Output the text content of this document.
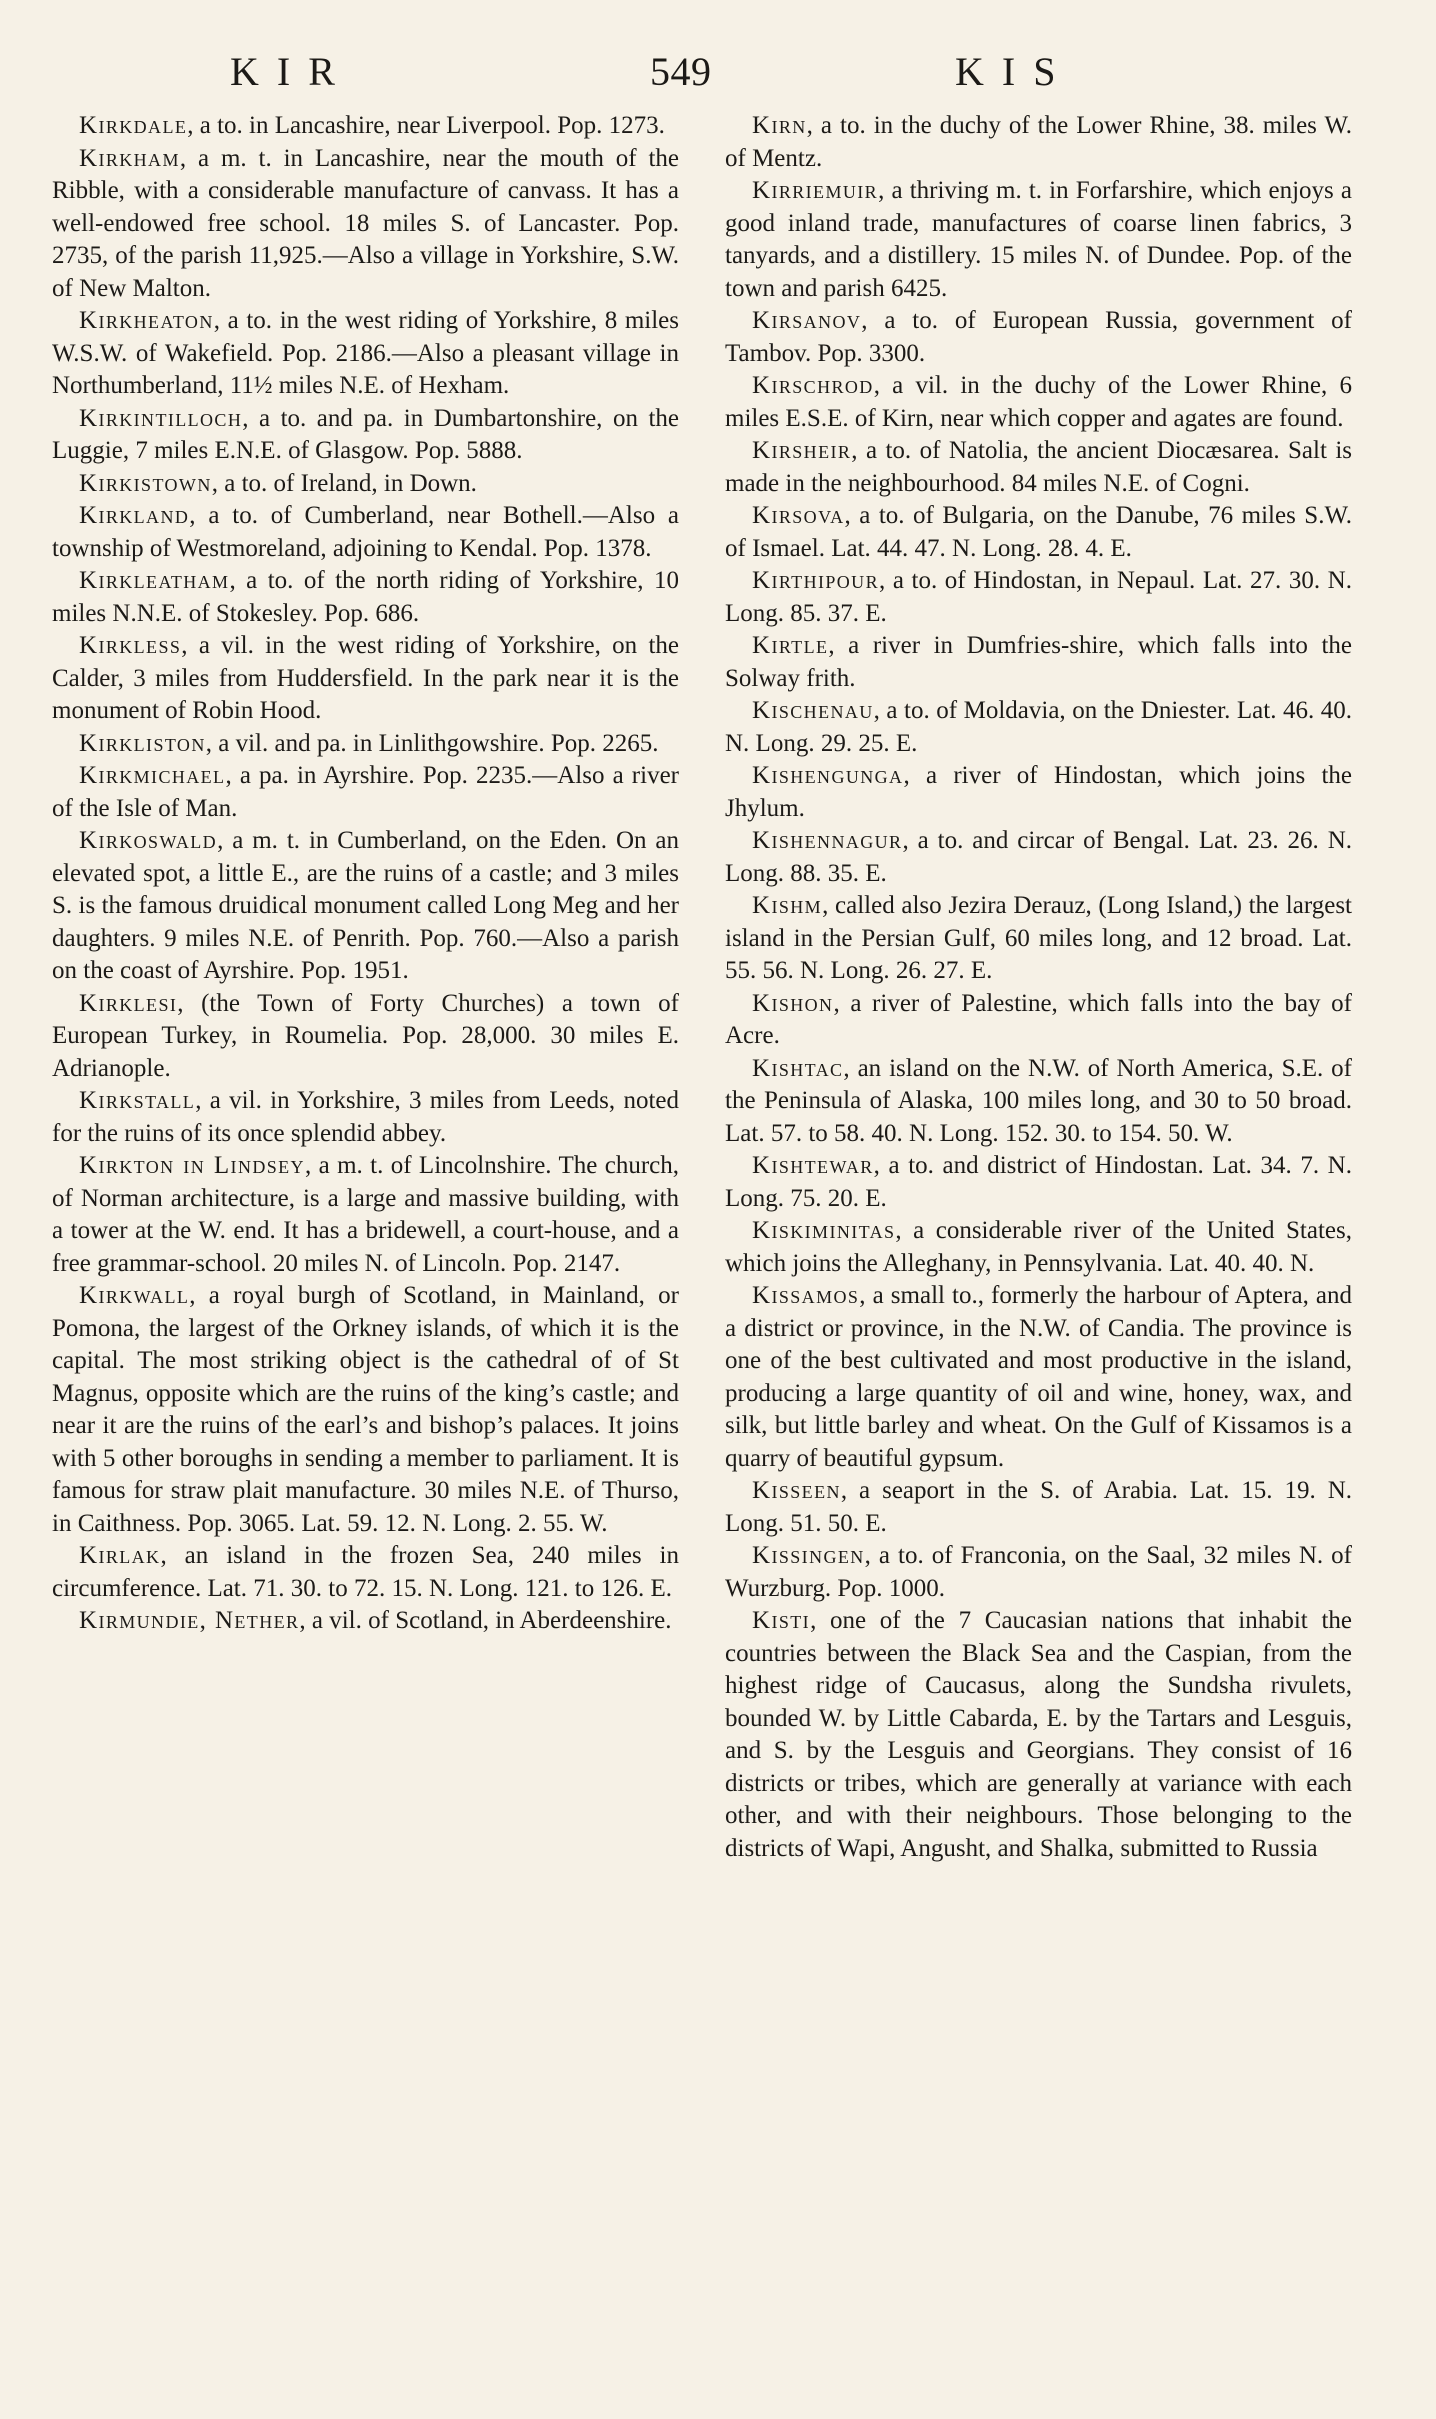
KIR	549	KIS

Kirkdale, a to. in Lancashire, near Liverpool. Pop. 1273.

Kirkham, a m. t. in Lancashire, near the mouth of the Ribble, with a considerable manufacture of canvass. It has a well-endowed free school. 18 miles S. of Lancaster. Pop. 2735, of the parish 11,925.—Also a village in Yorkshire, S.W. of New Malton.

Kirkheaton, a to. in the west riding of Yorkshire, 8 miles W.S.W. of Wakefield. Pop. 2186.—Also a pleasant village in Northumberland, 11½ miles N.E. of Hexham.

Kirkintilloch, a to. and pa. in Dumbartonshire, on the Luggie, 7 miles E.N.E. of Glasgow. Pop. 5888.

Kirkistown, a to. of Ireland, in Down.

Kirkland, a to. of Cumberland, near Bothell.—Also a township of Westmoreland, adjoining to Kendal. Pop. 1378.

Kirkleatham, a to. of the north riding of Yorkshire, 10 miles N.N.E. of Stokesley. Pop. 686.

Kirkless, a vil. in the west riding of Yorkshire, on the Calder, 3 miles from Huddersfield. In the park near it is the monument of Robin Hood.

Kirkliston, a vil. and pa. in Linlithgowshire. Pop. 2265.

Kirkmichael, a pa. in Ayrshire. Pop. 2235.—Also a river of the Isle of Man.

Kirkoswald, a m. t. in Cumberland, on the Eden. On an elevated spot, a little E., are the ruins of a castle; and 3 miles S. is the famous druidical monument called Long Meg and her daughters. 9 miles N.E. of Penrith. Pop. 760.—Also a parish on the coast of Ayrshire. Pop. 1951.

Kirklesi, (the Town of Forty Churches) a town of European Turkey, in Roumelia. Pop. 28,000. 30 miles E. Adrianople.

Kirkstall, a vil. in Yorkshire, 3 miles from Leeds, noted for the ruins of its once splendid abbey.

Kirkton in Lindsey, a m. t. of Lincolnshire. The church, of Norman architecture, is a large and massive building, with a tower at the W. end. It has a bridewell, a court-house, and a free grammar-school. 20 miles N. of Lincoln. Pop. 2147.

Kirkwall, a royal burgh of Scotland, in Mainland, or Pomona, the largest of the Orkney islands, of which it is the capital. The most striking object is the cathedral of of St Magnus, opposite which are the ruins of the king’s castle; and near it are the ruins of the earl’s and bishop’s palaces. It joins with 5 other boroughs in sending a member to parliament. It is famous for straw plait manufacture. 30 miles N.E. of Thurso, in Caithness. Pop. 3065. Lat. 59. 12. N. Long. 2. 55. W.

Kirlak, an island in the frozen Sea, 240 miles in circumference. Lat. 71. 30. to 72. 15. N. Long. 121. to 126. E.

Kirmundie, Nether, a vil. of Scotland, in Aberdeenshire.

Kirn, a to. in the duchy of the Lower Rhine, 38. miles W. of Mentz.

Kirriemuir, a thriving m. t. in Forfarshire, which enjoys a good inland trade, manufactures of coarse linen fabrics, 3 tanyards, and a distillery. 15 miles N. of Dundee. Pop. of the town and parish 6425.

Kirsanov, a to. of European Russia, government of Tambov. Pop. 3300.

Kirschrod, a vil. in the duchy of the Lower Rhine, 6 miles E.S.E. of Kirn, near which copper and agates are found.

Kirsheir, a to. of Natolia, the ancient Diocæsarea. Salt is made in the neighbourhood. 84 miles N.E. of Cogni.

Kirsova, a to. of Bulgaria, on the Danube, 76 miles S.W. of Ismael. Lat. 44. 47. N. Long. 28. 4. E.

Kirthipour, a to. of Hindostan, in Nepaul. Lat. 27. 30. N. Long. 85. 37. E.

Kirtle, a river in Dumfries-shire, which falls into the Solway frith.

Kischenau, a to. of Moldavia, on the Dniester. Lat. 46. 40. N. Long. 29. 25. E.

Kishengunga, a river of Hindostan, which joins the Jhylum.

Kishennagur, a to. and circar of Bengal. Lat. 23. 26. N. Long. 88. 35. E.

Kishm, called also Jezira Derauz, (Long Island,) the largest island in the Persian Gulf, 60 miles long, and 12 broad. Lat. 55. 56. N. Long. 26. 27. E.

Kishon, a river of Palestine, which falls into the bay of Acre.

Kishtac, an island on the N.W. of North America, S.E. of the Peninsula of Alaska, 100 miles long, and 30 to 50 broad. Lat. 57. to 58. 40. N. Long. 152. 30. to 154. 50. W.

Kishtewar, a to. and district of Hindostan. Lat. 34. 7. N. Long. 75. 20. E.

Kiskiminitas, a considerable river of the United States, which joins the Alleghany, in Pennsylvania. Lat. 40. 40. N.

Kissamos, a small to., formerly the harbour of Aptera, and a district or province, in the N.W. of Candia. The province is one of the best cultivated and most productive in the island, producing a large quantity of oil and wine, honey, wax, and silk, but little barley and wheat. On the Gulf of Kissamos is a quarry of beautiful gypsum.

Kisseen, a seaport in the S. of Arabia. Lat. 15. 19. N. Long. 51. 50. E.

Kissingen, a to. of Franconia, on the Saal, 32 miles N. of Wurzburg. Pop. 1000.

Kisti, one of the 7 Caucasian nations that inhabit the countries between the Black Sea and the Caspian, from the highest ridge of Caucasus, along the Sundsha rivulets, bounded W. by Little Cabarda, E. by the Tartars and Lesguis, and S. by the Lesguis and Georgians. They consist of 16 districts or tribes, which are generally at variance with each other, and with their neighbours. Those belonging to the districts of Wapi, Angusht, and Shalka, submitted to Russia
